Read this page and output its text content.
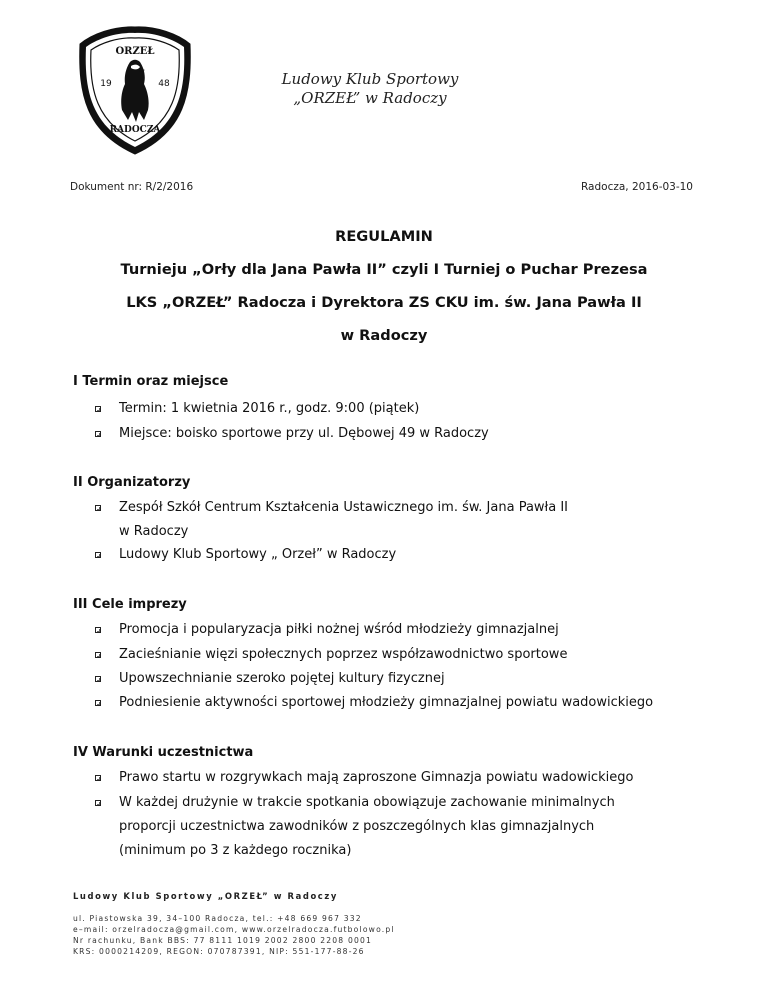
ORZEŁ
19	48
RADOCZA
Ludowy Klub Sportowy
„ORZEŁ” w Radoczy
Dokument nr: R/2/2016	Radocza, 2016-03-10
REGULAMIN
Turnieju „Orły dla Jana Pawła II” czyli I Turniej o Puchar Prezesa
LKS „ORZEŁ” Radocza i Dyrektora ZS CKU im. św. Jana Pawła II
w Radoczy
I Termin oraz miejsce
Termin: 1 kwietnia 2016 r., godz. 9:00 (piątek)
Miejsce: boisko sportowe przy ul. Dębowej 49 w Radoczy
II Organizatorzy
Zespół Szkół Centrum Kształcenia Ustawicznego im. św. Jana Pawła II
w Radoczy
Ludowy Klub Sportowy „ Orzeł” w Radoczy
III Cele imprezy
Promocja i popularyzacja piłki nożnej wśród młodzieży gimnazjalnej
Zacieśnianie więzi społecznych poprzez współzawodnictwo sportowe
Upowszechnianie szeroko pojętej kultury fizycznej
Podniesienie aktywności sportowej młodzieży gimnazjalnej powiatu wadowickiego
IV Warunki uczestnictwa
Prawo startu w rozgrywkach mają zaproszone Gimnazja powiatu wadowickiego
W każdej drużynie w trakcie spotkania obowiązuje zachowanie minimalnych
proporcji uczestnictwa zawodników z poszczególnych klas gimnazjalnych
(minimum po 3 z każdego rocznika)
Ludowy Klub Sportowy „ORZEŁ” w Radoczy
ul. Piastowska 39, 34–100 Radocza, tel.: +48 669 967 332
e–mail: orzelradocza@gmail.com, www.orzelradocza.futbolowo.pl
Nr rachunku, Bank BBS: 77 8111 1019 2002 2800 2208 0001
KRS: 0000214209, REGON: 070787391, NIP: 551-177-88-26
